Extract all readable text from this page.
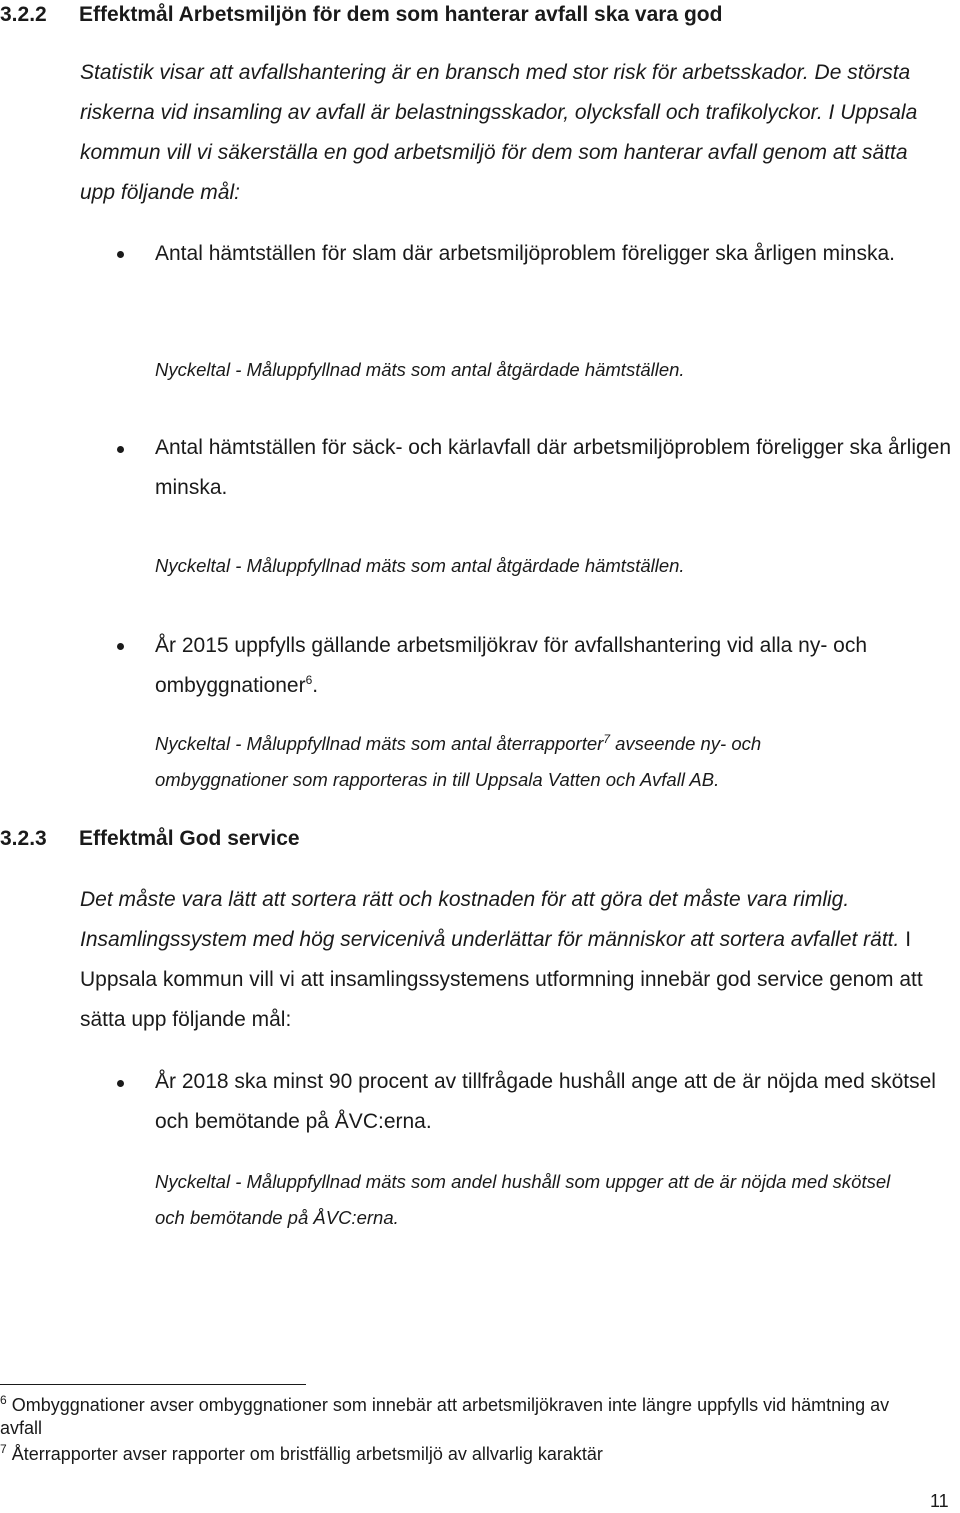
3.2.2 Effektmål Arbetsmiljön för dem som hanterar avfall ska vara god
Statistik visar att avfallshantering är en bransch med stor risk för arbetsskador. De största riskerna vid insamling av avfall är belastningsskador, olycksfall och trafikolyckor. I Uppsala kommun vill vi säkerställa en god arbetsmiljö för dem som hanterar avfall genom att sätta upp följande mål:
Antal hämtställen för slam där arbetsmiljöproblem föreligger ska årligen minska.
Nyckeltal - Måluppfyllnad mäts som antal åtgärdade hämtställen.
Antal hämtställen för säck- och kärlavfall där arbetsmiljöproblem föreligger ska årligen minska.
Nyckeltal - Måluppfyllnad mäts som antal åtgärdade hämtställen.
År 2015 uppfylls gällande arbetsmiljökrav för avfallshantering vid alla ny- och ombyggnationer$^6$.
Nyckeltal - Måluppfyllnad mäts som antal återrapporter$^7$ avseende ny- och ombyggnationer som rapporteras in till Uppsala Vatten och Avfall AB.
3.2.3 Effektmål God service
Det måste vara lätt att sortera rätt och kostnaden för att göra det måste vara rimlig. Insamlingssystem med hög servicenivå underlättar för människor att sortera avfallet rätt. I Uppsala kommun vill vi att insamlingssystemens utformning innebär god service genom att sätta upp följande mål:
År 2018 ska minst 90 procent av tillfrågade hushåll ange att de är nöjda med skötsel och bemötande på ÅVC:erna.
Nyckeltal - Måluppfyllnad mäts som andel hushåll som uppger att de är nöjda med skötsel och bemötande på ÅVC:erna.
$^6$ Ombyggnationer avser ombyggnationer som innebär att arbetsmiljökraven inte längre uppfylls vid hämtning av avfall
$^7$ Återrapporter avser rapporter om bristfällig arbetsmiljö av allvarlig karaktär
11
